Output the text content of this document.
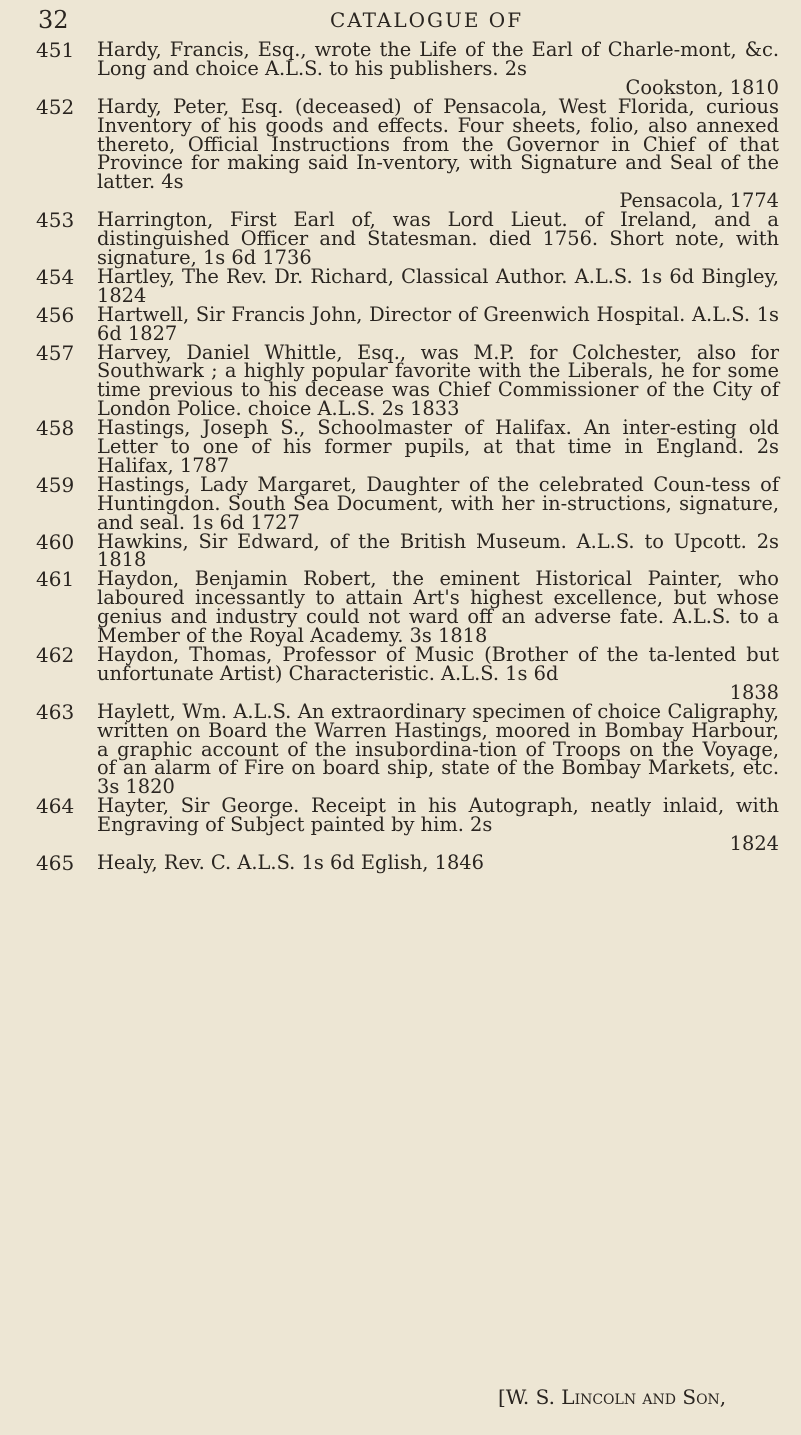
32	CATALOGUE OF
451 Hardy, Francis, Esq., wrote the Life of the Earl of Charle-mont, &c. Long and choice A.L.S. to his publishers. 2s
Cookston, 1810
452 Hardy, Peter, Esq. (deceased) of Pensacola, West Florida, curious Inventory of his goods and effects. Four sheets, folio, also annexed thereto, Official Instructions from the Governor in Chief of that Province for making said In-ventory, with Signature and Seal of the latter. 4s
Pensacola, 1774
453 Harrington, First Earl of, was Lord Lieut. of Ireland, and a distinguished Officer and Statesman. died 1756. Short note, with signature, 1s 6d 1736
454 Hartley, The Rev. Dr. Richard, Classical Author. A.L.S. 1s 6d Bingley, 1824
456 Hartwell, Sir Francis John, Director of Greenwich Hospital. A.L.S. 1s 6d 1827
457 Harvey, Daniel Whittle, Esq., was M.P. for Colchester, also for Southwark ; a highly popular favorite with the Liberals, he for some time previous to his decease was Chief Commissioner of the City of London Police. choice A.L.S. 2s 1833
458 Hastings, Joseph S., Schoolmaster of Halifax. An inter-esting old Letter to one of his former pupils, at that time in England. 2s Halifax, 1787
459 Hastings, Lady Margaret, Daughter of the celebrated Coun-tess of Huntingdon. South Sea Document, with her in-structions, signature, and seal. 1s 6d 1727
460 Hawkins, Sir Edward, of the British Museum. A.L.S. to Upcott. 2s 1818
461 Haydon, Benjamin Robert, the eminent Historical Painter, who laboured incessantly to attain Art's highest excellence, but whose genius and industry could not ward off an adverse fate. A.L.S. to a Member of the Royal Academy. 3s 1818
462 Haydon, Thomas, Professor of Music (Brother of the ta-lented but unfortunate Artist) Characteristic. A.L.S. 1s 6d
1838
463 Haylett, Wm. A.L.S. An extraordinary specimen of choice Caligraphy, written on Board the Warren Hastings, moored in Bombay Harbour, a graphic account of the insubordina-tion of Troops on the Voyage, of an alarm of Fire on board ship, state of the Bombay Markets, etc. 3s 1820
464 Hayter, Sir George. Receipt in his Autograph, neatly inlaid, with Engraving of Subject painted by him. 2s
1824
465 Healy, Rev. C. A.L.S. 1s 6d Eglish, 1846
[W. S. Lincoln and Son,
